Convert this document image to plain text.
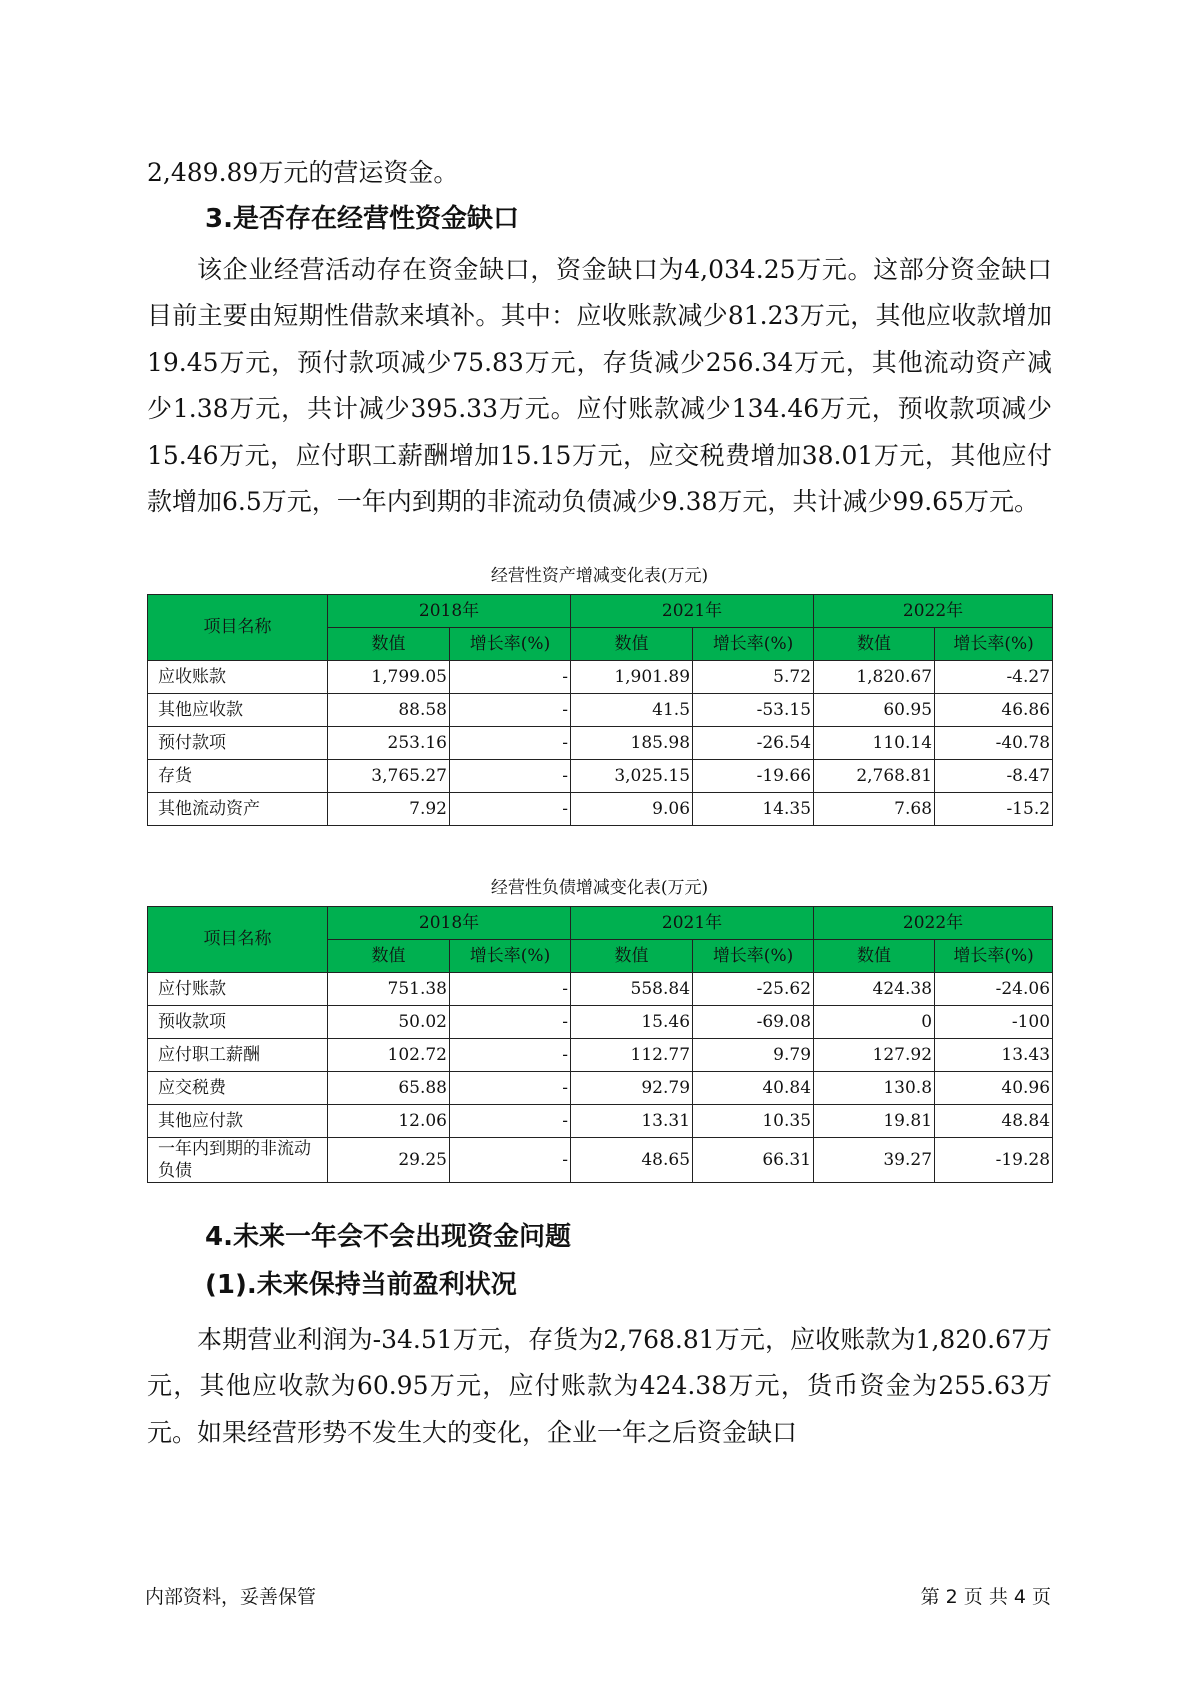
2,489.89万元的营运资金。

3.是否存在经营性资金缺口

该企业经营活动存在资金缺口，资金缺口为4,034.25万元。这部分资金缺口目前主要由短期性借款来填补。其中：应收账款减少81.23万元，其他应收款增加19.45万元，预付款项减少75.83万元，存货减少256.34万元，其他流动资产减少1.38万元，共计减少395.33万元。应付账款减少134.46万元，预收款项减少15.46万元，应付职工薪酬增加15.15万元，应交税费增加38.01万元，其他应付款增加6.5万元，一年内到期的非流动负债减少9.38万元，共计减少99.65万元。

经营性资产增减变化表(万元)

项目名称	2018年		2021年		2022年	
	数值	增长率(%)	数值	增长率(%)	数值	增长率(%)
应收账款	1,799.05	-	1,901.89	5.72	1,820.67	-4.27
其他应收款	88.58	-	41.5	-53.15	60.95	46.86
预付款项	253.16	-	185.98	-26.54	110.14	-40.78
存货	3,765.27	-	3,025.15	-19.66	2,768.81	-8.47
其他流动资产	7.92	-	9.06	14.35	7.68	-15.2

经营性负债增减变化表(万元)

项目名称	2018年		2021年		2022年	
	数值	增长率(%)	数值	增长率(%)	数值	增长率(%)
应付账款	751.38	-	558.84	-25.62	424.38	-24.06
预收款项	50.02	-	15.46	-69.08	0	-100
应付职工薪酬	102.72	-	112.77	9.79	127.92	13.43
应交税费	65.88	-	92.79	40.84	130.8	40.96
其他应付款	12.06	-	13.31	10.35	19.81	48.84
一年内到期的非流动负债	29.25	-	48.65	66.31	39.27	-19.28

4.未来一年会不会出现资金问题

(1).未来保持当前盈利状况

本期营业利润为-34.51万元，存货为2,768.81万元，应收账款为1,820.67万元，其他应收款为60.95万元，应付账款为424.38万元，货币资金为255.63万元。如果经营形势不发生大的变化，企业一年之后资金缺口

内部资料，妥善保管	第 2 页 共 4 页
